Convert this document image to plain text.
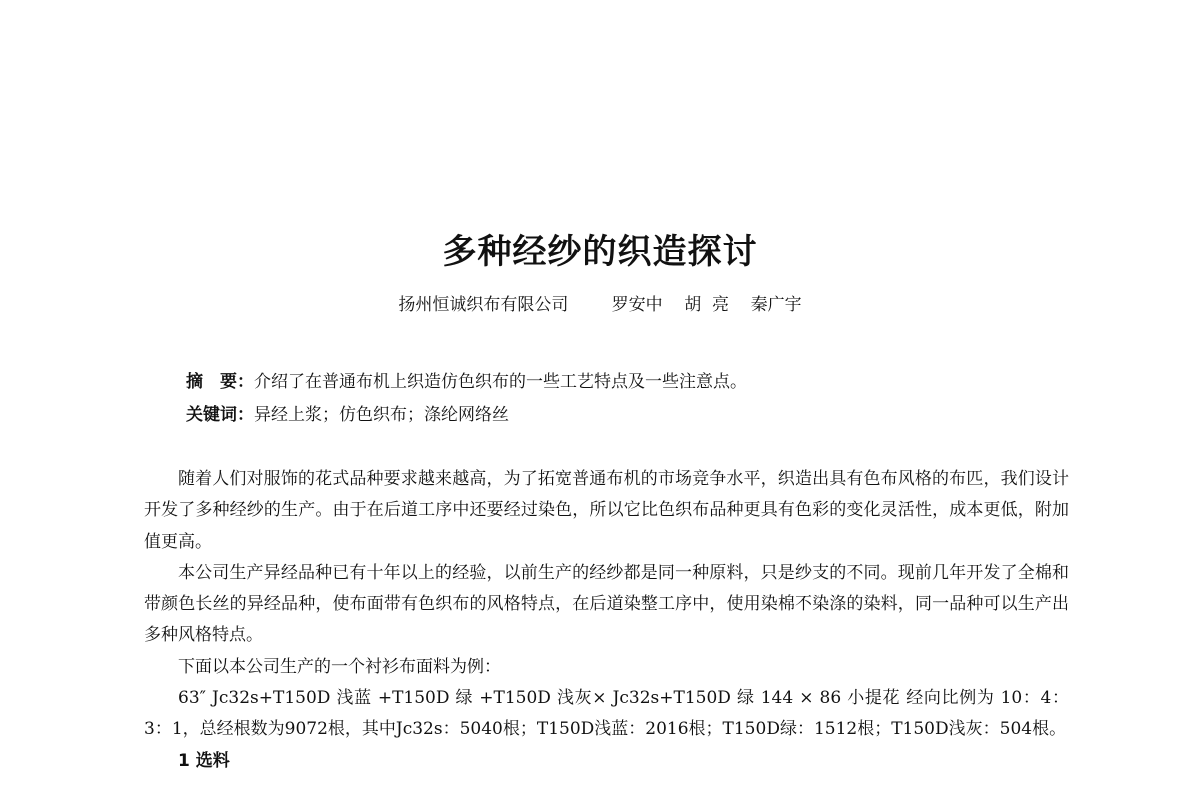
多种经纱的织造探讨
扬州恒诚织布有限公司	罗安中 胡  亮 秦广宇
摘　要：介绍了在普通布机上织造仿色织布的一些工艺特点及一些注意点。
关键词：异经上浆；仿色织布；涤纶网络丝

随着人们对服饰的花式品种要求越来越高，为了拓宽普通布机的市场竞争水平，织造出具有色布风格的布匹，我们设计开发了多种经纱的生产。由于在后道工序中还要经过染色，所以它比色织布品种更具有色彩的变化灵活性，成本更低，附加值更高。

本公司生产异经品种已有十年以上的经验，以前生产的经纱都是同一种原料，只是纱支的不同。现前几年开发了全棉和带颜色长丝的异经品种，使布面带有色织布的风格特点，在后道染整工序中，使用染棉不染涤的染料，同一品种可以生产出多种风格特点。

下面以本公司生产的一个衬衫布面料为例：

63″ Jc32s+T150D 浅蓝 +T150D 绿 +T150D 浅灰× Jc32s+T150D 绿 144 × 86 小提花 经向比例为 10：4：3：1，总经根数为9072根，其中Jc32s：5040根；T150D浅蓝：2016根；T150D绿：1512根；T150D浅灰：504根。

1 选料
